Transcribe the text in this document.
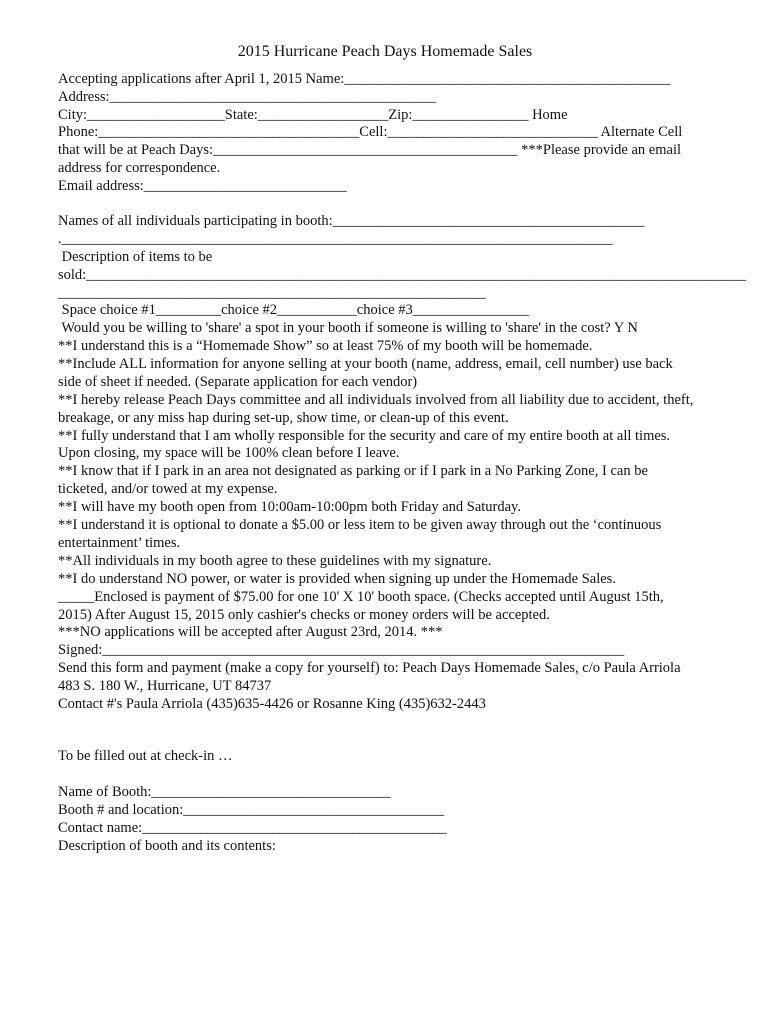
2015 Hurricane Peach Days Homemade Sales
Accepting applications after April 1, 2015 Name:_____________________________________________
Address:_____________________________________________
City:___________________State:__________________Zip:________________ Home
Phone:____________________________________Cell:_____________________________ Alternate Cell
that will be at Peach Days:__________________________________________ ***Please provide an email
address for correspondence.
Email address:____________________________
Names of all individuals participating in booth:___________________________________________
.____________________________________________________________________________
Description of items to be
sold:___________________________________________________________________________________________
___________________________________________________________
Space choice #1_________choice #2___________choice #3________________
Would you be willing to 'share' a spot in your booth if someone is willing to 'share' in the cost? Y N
**I understand this is a “Homemade Show” so at least 75% of my booth will be homemade.
**Include ALL information for anyone selling at your booth (name, address, email, cell number) use back
side of sheet if needed. (Separate application for each vendor)
**I hereby release Peach Days committee and all individuals involved from all liability due to accident, theft,
breakage, or any miss hap during set-up, show time, or clean-up of this event.
**I fully understand that I am wholly responsible for the security and care of my entire booth at all times.
Upon closing, my space will be 100% clean before I leave.
**I know that if I park in an area not designated as parking or if I park in a No Parking Zone, I can be
ticketed, and/or towed at my expense.
**I will have my booth open from 10:00am-10:00pm both Friday and Saturday.
**I understand it is optional to donate a $5.00 or less item to be given away through out the ‘continuous
entertainment’ times.
**All individuals in my booth agree to these guidelines with my signature.
**I do understand NO power, or water is provided when signing up under the Homemade Sales.
_____Enclosed is payment of $75.00 for one 10' X 10' booth space. (Checks accepted until August 15th,
2015) After August 15, 2015 only cashier's checks or money orders will be accepted.
***NO applications will be accepted after August 23rd, 2014. ***
Signed:________________________________________________________________________
Send this form and payment (make a copy for yourself) to: Peach Days Homemade Sales, c/o Paula Arriola
483 S. 180 W., Hurricane, UT 84737
Contact #'s Paula Arriola (435)635-4426 or Rosanne King (435)632-2443
To be filled out at check-in …
Name of Booth:_________________________________
Booth # and location:____________________________________
Contact name:__________________________________________
Description of booth and its contents:
